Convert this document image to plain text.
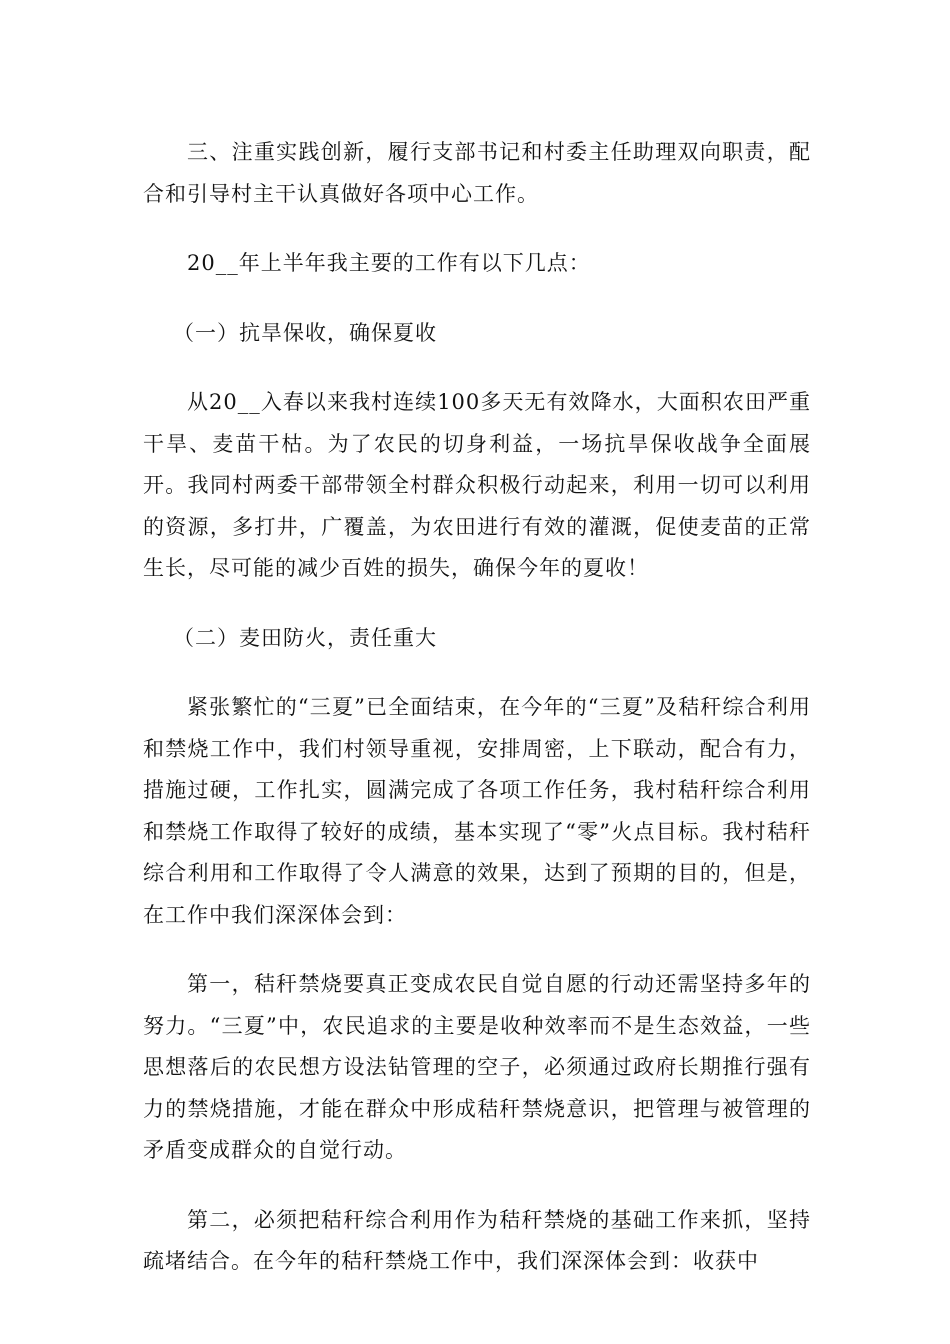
三、注重实践创新，履行支部书记和村委主任助理双向职责，配合和引导村主干认真做好各项中心工作。

20__年上半年我主要的工作有以下几点：

（一）抗旱保收，确保夏收

从20__入春以来我村连续100多天无有效降水，大面积农田严重干旱、麦苗干枯。为了农民的切身利益，一场抗旱保收战争全面展开。我同村两委干部带领全村群众积极行动起来，利用一切可以利用的资源，多打井，广覆盖，为农田进行有效的灌溉，促使麦苗的正常生长，尽可能的减少百姓的损失，确保今年的夏收！

（二）麦田防火，责任重大

紧张繁忙的“三夏”已全面结束，在今年的“三夏”及秸秆综合利用和禁烧工作中，我们村领导重视，安排周密，上下联动，配合有力，措施过硬，工作扎实，圆满完成了各项工作任务，我村秸秆综合利用和禁烧工作取得了较好的成绩，基本实现了“零”火点目标。我村秸秆综合利用和工作取得了令人满意的效果，达到了预期的目的，但是，在工作中我们深深体会到：

第一，秸秆禁烧要真正变成农民自觉自愿的行动还需坚持多年的努力。“三夏”中，农民追求的主要是收种效率而不是生态效益，一些思想落后的农民想方设法钻管理的空子，必须通过政府长期推行强有力的禁烧措施，才能在群众中形成秸秆禁烧意识，把管理与被管理的矛盾变成群众的自觉行动。

第二，必须把秸秆综合利用作为秸秆禁烧的基础工作来抓，坚持疏堵结合。在今年的秸秆禁烧工作中，我们深深体会到：收获中
